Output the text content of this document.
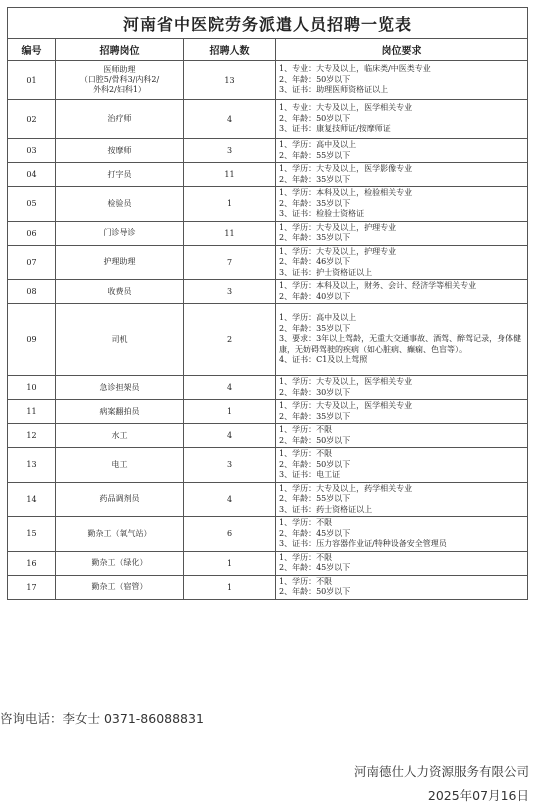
河南省中医院劳务派遣人员招聘一览表			
编号	招聘岗位	招聘人数	岗位要求
01	医师助理
（口腔5/骨科3/内科2/
外科2/妇科1）	13	1、专业：大专及以上，临床类/中医类专业
2、年龄：50岁以下
3、证书：助理医师资格证以上

02	治疗师	4	1、专业：大专及以上，医学相关专业
2、年龄：50岁以下
3、证书：康复技师证/按摩师证

03	按摩师	3	1、学历：高中及以上
2、年龄：55岁以下

04	打字员	11	1、学历：大专及以上，医学影像专业
2、年龄：35岁以下

05	检验员	1	1、学历：本科及以上，检验相关专业
2、年龄：35岁以下
3、证书：检验士资格证

06	门诊导诊	11	1、学历：大专及以上，护理专业
2、年龄：35岁以下

07	护理助理	7	1、学历：大专及以上，护理专业
2、年龄：46岁以下
3、证书：护士资格证以上

08	收费员	3	1、学历：本科及以上，财务、会计、经济学等相关专业
2、年龄：40岁以下

09	司机	2	1、学历：高中及以上
2、年龄：35岁以下
3、要求：3年以上驾龄，无重大交通事故、酒驾、醉驾记录，身体健康，无妨碍驾驶的疾病（如心脏病、癫痫、色盲等）。
4、证书：C1及以上驾照

10	急诊担架员	4	1、学历：大专及以上，医学相关专业
2、年龄：30岁以下

11	病案翻拍员	1	1、学历：大专及以上，医学相关专业
2、年龄：35岁以下

12	水工	4	1、学历：不限
2、年龄：50岁以下

13	电工	3	1、学历：不限
2、年龄：50岁以下
3、证书：电工证

14	药品调剂员	4	1、学历：大专及以上，药学相关专业
2、年龄：55岁以下
3、证书：药士资格证以上

15	勤杂工（氧气站）	6	1、学历：不限
2、年龄：45岁以下
3、证书：压力容器作业证/特种设备安全管理员

16	勤杂工（绿化）	1	1、学历：不限
2、年龄：45岁以下

17	勤杂工（宿管）	1	1、学历：不限
2、年龄：50岁以下
咨询电话：李女士 0371-86088831
河南德仕人力资源服务有限公司
2025年07月16日
